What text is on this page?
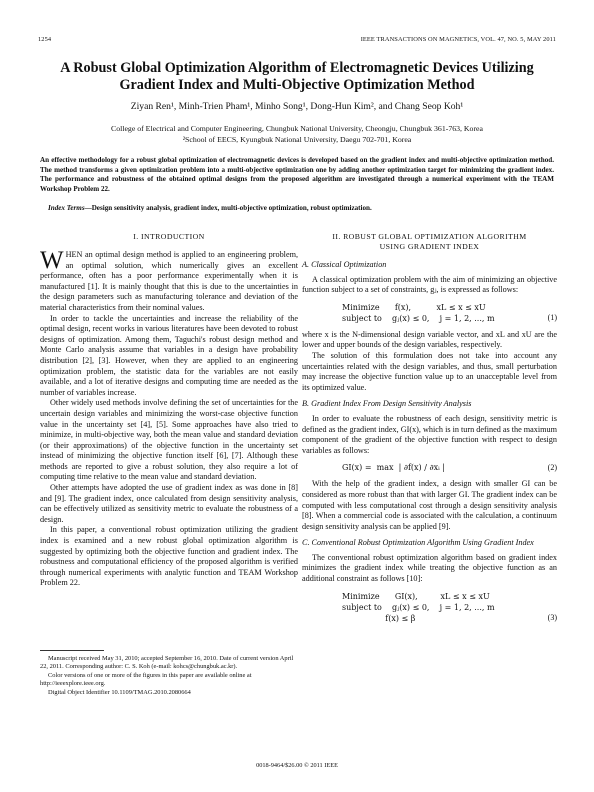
1254	IEEE TRANSACTIONS ON MAGNETICS, VOL. 47, NO. 5, MAY 2011
A Robust Global Optimization Algorithm of Electromagnetic Devices Utilizing Gradient Index and Multi-Objective Optimization Method
Ziyan Ren¹, Minh-Trien Pham¹, Minho Song¹, Dong-Hun Kim², and Chang Seop Koh¹
College of Electrical and Computer Engineering, Chungbuk National University, Cheongju, Chungbuk 361-763, Korea
²School of EECS, Kyungbuk National University, Daegu 702-701, Korea
An effective methodology for a robust global optimization of electromagnetic devices is developed based on the gradient index and multi-objective optimization method. The method transforms a given optimization problem into a multi-objective optimization one by adding another optimization target for minimizing the gradient index. The performance and robustness of the obtained optimal designs from the proposed algorithm are investigated through a numerical experiment with the TEAM Workshop Problem 22.
Index Terms—Design sensitivity analysis, gradient index, multi-objective optimization, robust optimization.
I. INTRODUCTION

WHEN an optimal design method is applied to an engineering problem, an optimal solution, which numerically gives an excellent performance, often has a poor performance experimentally when it is manufactured [1]. It is mainly thought that this is due to the uncertainties in the design parameters such as manufacturing tolerance and deviation of the material characteristics from their nominal values.

In order to tackle the uncertainties and increase the reliability of the optimal design, recent works in various literatures have been devoted to robust designs of optimization. Among them, Taguchi's robust design method and Monte Carlo analysis assume that variables in a design have probability distribution [2], [3]. However, when they are applied to an engineering optimization problem, the statistic data for the variables are not easily available, and a lot of iterative designs and computing time are needed as the number of variables increase.

Other widely used methods involve defining the set of uncertainties for the uncertain design variables and minimizing the worst-case objective function value in the uncertainty set [4], [5]. Some approaches have also tried to minimize, in multi-objective way, both the mean value and standard deviation (or their approximations) of the objective function in the uncertainty set instead of minimizing the objective function itself [6], [7]. Although these methods are reported to give a robust solution, they also require a lot of computing time relative to the mean value and standard deviation.

Other attempts have adopted the use of gradient index as was done in [8] and [9]. The gradient index, once calculated from design sensitivity analysis, can be effectively utilized as sensitivity metric to evaluate the robustness of a design.

In this paper, a conventional robust optimization utilizing the gradient index is examined and a new robust global optimization algorithm is suggested by optimizing both the objective function and gradient index. The robustness and computational efficiency of the proposed algorithm is verified through numerical experiments with analytic function and TEAM Workshop Problem 22.

Manuscript received May 31, 2010; accepted September 16, 2010. Date of current version April 22, 2011. Corresponding author: C. S. Koh (e-mail: kohcs@chungbuk.ac.kr).

Color versions of one or more of the figures in this paper are available online at http://ieeexplore.ieee.org.

Digital Object Identifier 10.1109/TMAG.2010.2080664

II. ROBUST GLOBAL OPTIMIZATION ALGORITHM
USING GRADIENT INDEX
A. Classical Optimization

A classical optimization problem with the aim of minimizing an objective function subject to a set of constraints, gⱼ, is expressed as follows:

Minimize      f(x),          xL ≤ x ≤ xU
subject to    gⱼ(x) ≤ 0,    j = 1, 2, ..., m	(1)

where x is the N-dimensional design variable vector, and xL and xU are the lower and upper bounds of the design variables, respectively.

The solution of this formulation does not take into account any uncertainties related with the design variables, and thus, small perturbation may increase the objective function value up to an unacceptable level from its optimized value.

B. Gradient Index From Design Sensitivity Analysis

In order to evaluate the robustness of each design, sensitivity metric is defined as the gradient index, GI(x), which is in turn defined as the maximum component of the gradient of the objective function with respect to design variables as follows:

GI(x) =  max  | ∂f(x) / ∂xᵢ |	(2)

With the help of the gradient index, a design with smaller GI can be considered as more robust than that with larger GI. The gradient index can be computed with less computational cost through a design sensitivity analysis [8]. When a commercial code is associated with the calculation, a continuum design sensitivity analysis can be applied [9].

C. Conventional Robust Optimization Algorithm Using Gradient Index

The conventional robust optimization algorithm based on gradient index minimizes the gradient index while treating the objective function as an additional constraint as follows [10]:

Minimize      GI(x),         xL ≤ x ≤ xU
subject to    gⱼ(x) ≤ 0,    j = 1, 2, ..., m
f(x) ≤ β	(3)
0018-9464/$26.00 © 2011 IEEE
